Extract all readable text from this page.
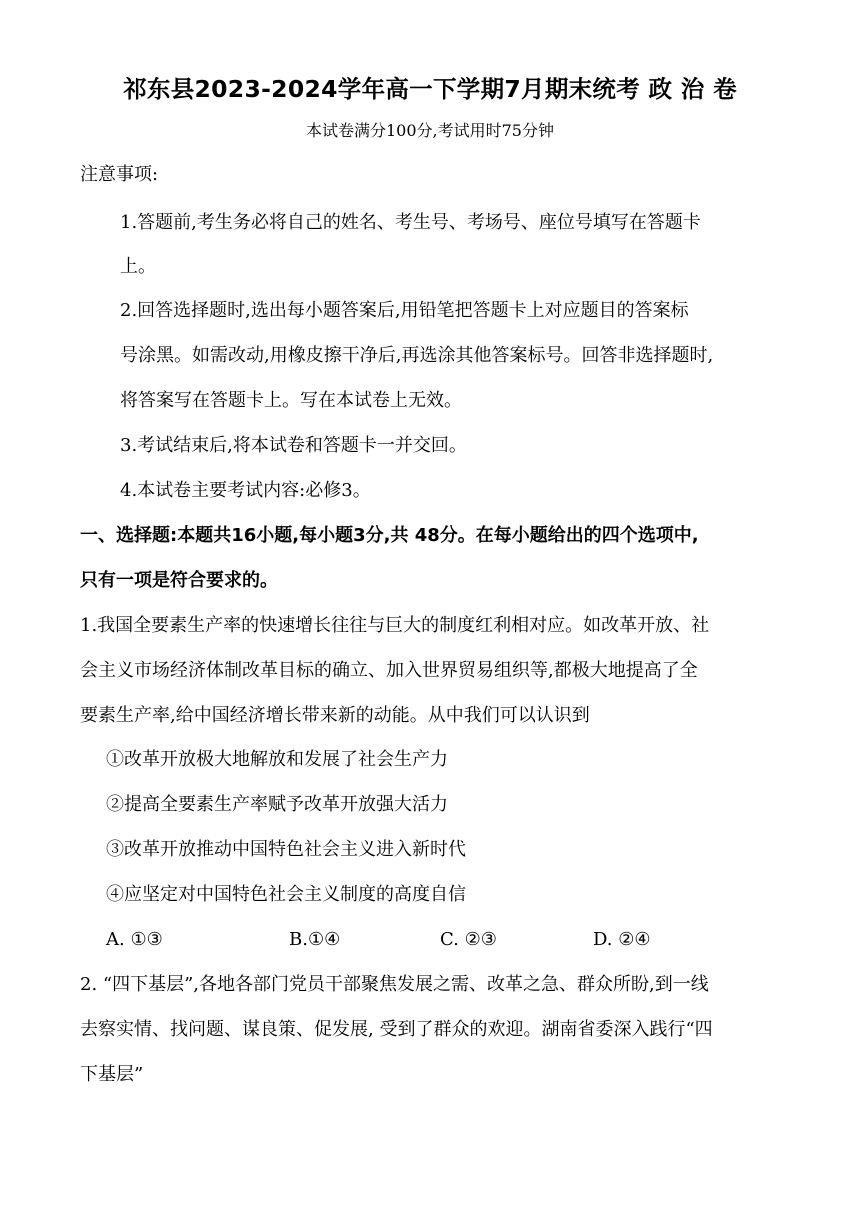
祁东县2023-2024学年高一下学期7月期末统考 政 治 卷
本试卷满分100分,考试用时75分钟
注意事项:
1.答题前,考生务必将自己的姓名、考生号、考场号、座位号填写在答题卡
上。
2.回答选择题时,选出每小题答案后,用铅笔把答题卡上对应题目的答案标
号涂黑。如需改动,用橡皮擦干净后,再选涂其他答案标号。回答非选择题时,
将答案写在答题卡上。写在本试卷上无效。
3.考试结束后,将本试卷和答题卡一并交回。
4.本试卷主要考试内容:必修3。
一、选择题:本题共16小题,每小题3分,共 48分。在每小题给出的四个选项中,
只有一项是符合要求的。
1.我国全要素生产率的快速增长往往与巨大的制度红利相对应。如改革开放、社
会主义市场经济体制改革目标的确立、加入世界贸易组织等,都极大地提高了全
要素生产率,给中国经济增长带来新的动能。从中我们可以认识到
①改革开放极大地解放和发展了社会生产力
②提高全要素生产率赋予改革开放强大活力
③改革开放推动中国特色社会主义进入新时代
④应坚定对中国特色社会主义制度的高度自信
A. ①③	B.①④	C. ②③	D. ②④
2. “四下基层”,各地各部门党员干部聚焦发展之需、改革之急、群众所盼,到一线
去察实情、找问题、谋良策、促发展, 受到了群众的欢迎。湖南省委深入践行“四
下基层”
